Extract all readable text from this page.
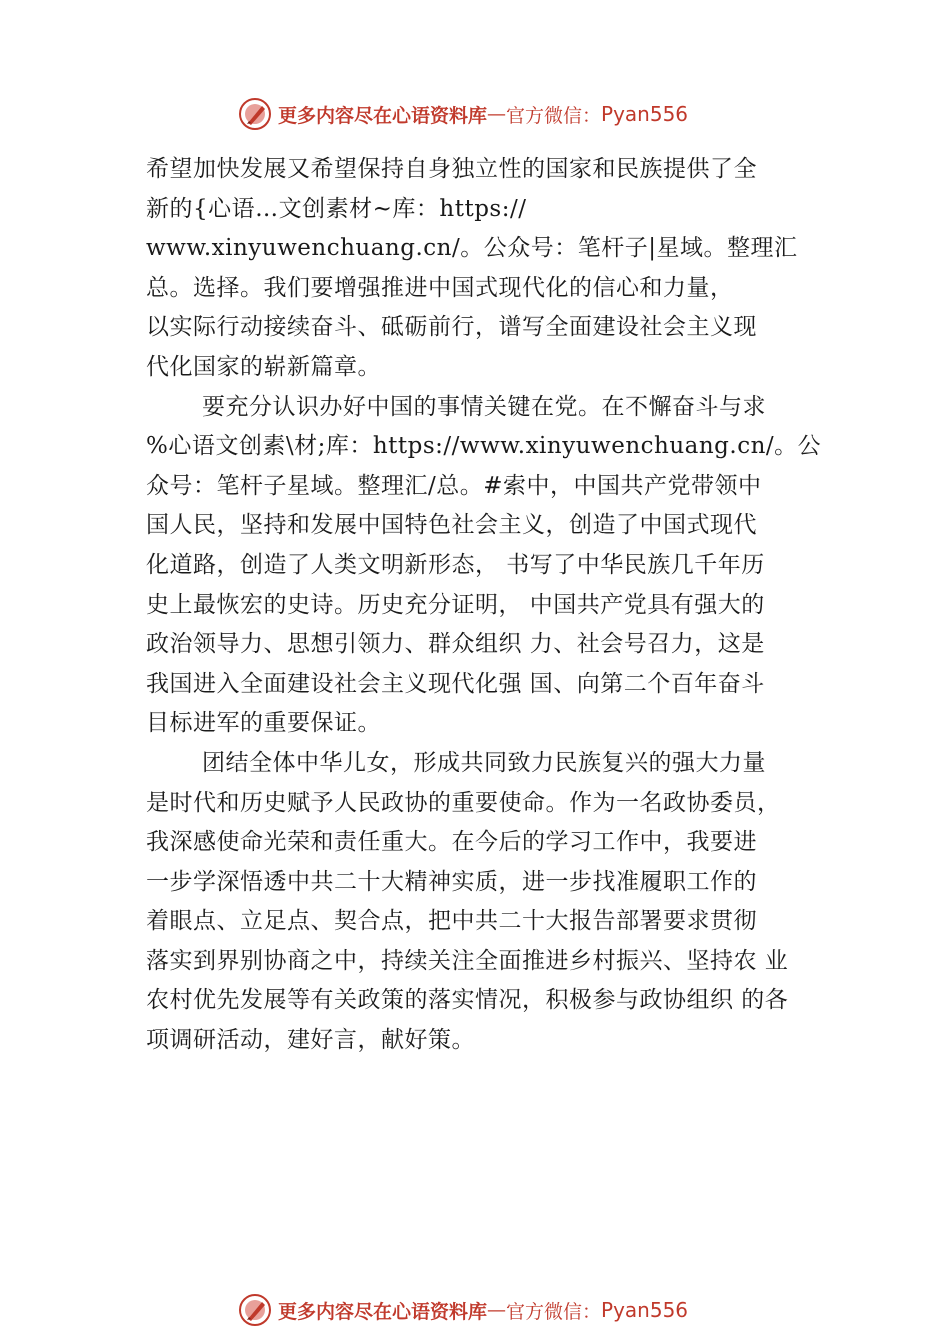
更多内容尽在心语资料库 — 官方微信： Pyan556
希望加快发展又希望保持自身独立性的国家和民族提供了全
新的{心语…文创素材~库：https://
www.xinyuwenchuang.cn/。公众号：笔杆子|星域。整理汇
总。选择。我们要增强推进中国式现代化的信心和力量，
以实际行动接续奋斗、砥砺前行，谱写全面建设社会主义现
代化国家的崭新篇章。
要充分认识办好中国的事情关键在党。在不懈奋斗与求
%心语文创素\材;库：https://www.xinyuwenchuang.cn/。公
众号：笔杆子星域。整理汇/总。#索中，中国共产党带领中
国人民，坚持和发展中国特色社会主义，创造了中国式现代
化道路，创造了人类文明新形态， 书写了中华民族几千年历
史上最恢宏的史诗。历史充分证明， 中国共产党具有强大的
政治领导力、思想引领力、群众组织 力、社会号召力，这是
我国进入全面建设社会主义现代化强 国、向第二个百年奋斗
目标进军的重要保证。
团结全体中华儿女，形成共同致力民族复兴的强大力量
是时代和历史赋予人民政协的重要使命。作为一名政协委员，
我深感使命光荣和责任重大。在今后的学习工作中，我要进
一步学深悟透中共二十大精神实质，进一步找准履职工作的
着眼点、立足点、契合点，把中共二十大报告部署要求贯彻
落实到界别协商之中，持续关注全面推进乡村振兴、坚持农 业
农村优先发展等有关政策的落实情况，积极参与政协组织 的各
项调研活动，建好言，献好策。
更多内容尽在心语资料库 — 官方微信： Pyan556
